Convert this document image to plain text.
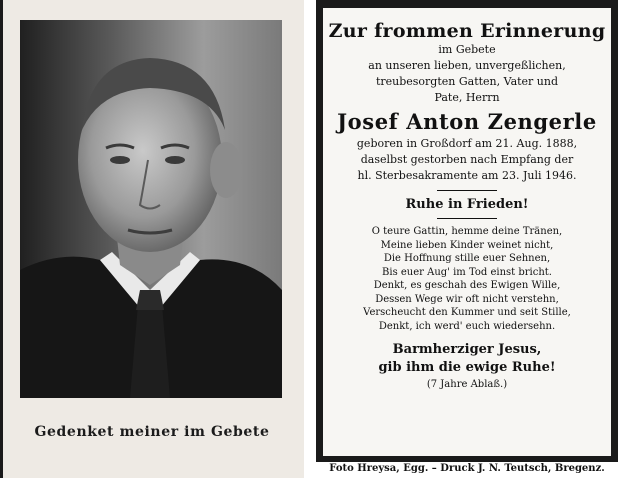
Gedenket meiner im Gebete
Zur frommen Erinnerung
im Gebete
an unseren lieben, unvergeßlichen,
treubesorgten Gatten, Vater und
Pate, Herrn
Josef Anton Zengerle
geboren in Großdorf am 21. Aug. 1888,
daselbst gestorben nach Empfang der
hl. Sterbesakramente am 23. Juli 1946.
Ruhe in Frieden!
O teure Gattin, hemme deine Tränen,
Meine lieben Kinder weinet nicht,
Die Hoffnung stille euer Sehnen,
Bis euer Aug' im Tod einst bricht.
Denkt, es geschah des Ewigen Wille,
Dessen Wege wir oft nicht verstehn,
Verscheucht den Kummer und seit Stille,
Denkt, ich werd' euch wiedersehn.
Barmherziger Jesus,
gib ihm die ewige Ruhe!
(7 Jahre Ablaß.)
Foto Hreysa, Egg. – Druck J. N. Teutsch, Bregenz.
